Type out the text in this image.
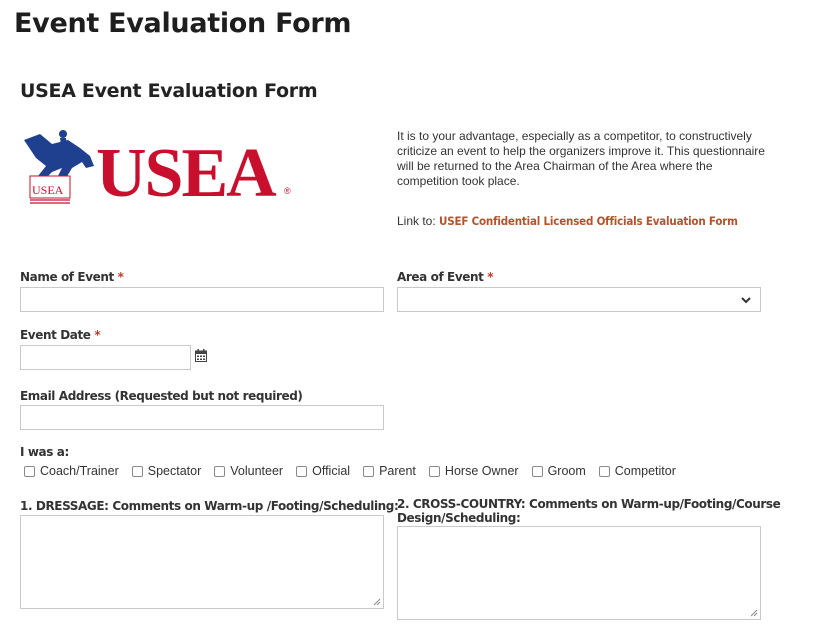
Event Evaluation Form
USEA Event Evaluation Form
USEA USEA ®
It is to your advantage, especially as a competitor, to constructively criticize an event to help the organizers improve it. This questionnaire will be returned to the Area Chairman of the Area where the competition took place.
Link to: USEF Confidential Licensed Officials Evaluation Form
Name of Event *	Area of Event *
Event Date *
Email Address (Requested but not required)
I was a:
Coach/Trainer Spectator Volunteer Official Parent Horse Owner Groom Competitor
1. DRESSAGE: Comments on Warm-up /Footing/Scheduling:
2. CROSS-COUNTRY: Comments on Warm-up/Footing/Course
Design/Scheduling:
